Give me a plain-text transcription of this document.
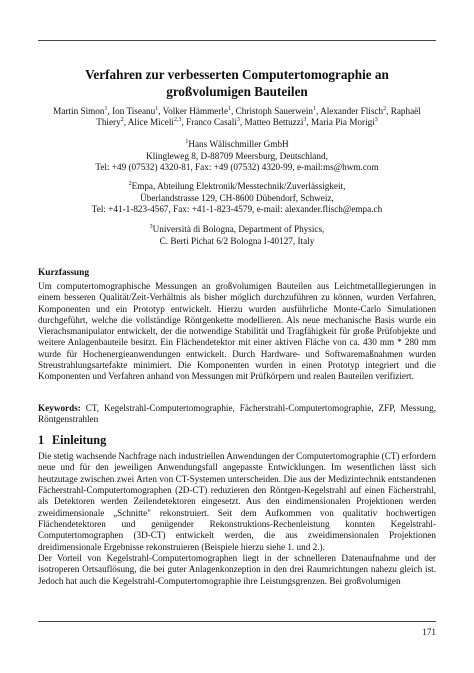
Verfahren zur verbesserten Computertomographie an
großvolumigen Bauteilen
Martin Simon$^1$, Ion Tiseanu$^1$, Volker Hämmerle$^1$, Christoph Sauerwein$^1$, Alexander Flisch$^2$, Raphaël Thiery$^2$, Alice Miceli$^{2,3}$, Franco Casali$^3$, Matteo Bettuzzi$^3$, Maria Pia Morigi$^3$
$^1$Hans Wälischmiller GmbH
Klingleweg 8, D-88709 Meersburg, Deutschland,
Tel: +49 (07532) 4320-81, Fax: +49 (07532) 4320-99, e-mail:ms@hwm.com
$^2$Empa, Abteilung Elektronik/Messtechnik/Zuverlässigkeit,
Überlandstrasse 129, CH-8600 Dübendorf, Schweiz,
Tel: +41-1-823-4567, Fax: +41-1-823-4579, e-mail: alexander.flisch@empa.ch
$^3$Università di Bologna, Department of Physics,
C. Berti Pichat 6/2 Bologna I-40127, Italy
Kurzfassung
Um computertomographische Messungen an großvolumigen Bauteilen aus Leichtmetalllegierungen in einem besseren Qualität/Zeit-Verhältnis als bisher möglich durchzuführen zu können, wurden Verfahren, Komponenten und ein Prototyp entwickelt. Hierzu wurden ausführliche Monte-Carlo Simulationen durchgeführt, welche die vollständige Röntgenkette modellieren. Als neue mechanische Basis wurde ein Vierachsmanipulator entwickelt, der die notwendige Stabilität und Tragfähigkeit für große Prüfobjekte und weitere Anlagenbauteile besitzt. Ein Flächendetektor mit einer aktiven Fläche von ca. 430 mm * 280 mm wurde für Hochenergieanwendungen entwickelt. Durch Hardware- und Softwaremaßnahmen wurden Streustrahlungsartefakte minimiert. Die Komponenten wurden in einen Prototyp integriert und die Komponenten und Verfahren anhand von Messungen mit Prüfkörpern und realen Bauteilen verifiziert.
Keywords: CT, Kegelstrahl-Computertomographie, Fächerstrahl-Computertomographie, ZFP, Messung, Röntgenstrahlen
1 Einleitung

Die stetig wachsende Nachfrage nach industriellen Anwendungen der Computertomographie (CT) erfordern neue und für den jeweiligen Anwendungsfall angepasste Entwicklungen. Im wesentlichen lässt sich heutzutage zwischen zwei Arten von CT-Systemen unterscheiden. Die aus der Medizintechnik entstandenen Fächerstrahl-Computertomographen (2D-CT) reduzieren den Röntgen-Kegelstrahl auf einen Fächerstrahl, als Detektoren werden Zeilendetektoren eingesetzt. Aus den eindimensionalen Projektionen werden zweidimensionale „Schnitte" rekonstruiert. Seit dem Aufkommen von qualitativ hochwertigen Flächendetektoren und genügender Rekonstruktions-Rechenleistung konnten Kegelstrahl-Computertomographen (3D-CT) entwickelt werden, die aus zweidimensionalen Projektionen dreidimensionale Ergebnisse rekonstruieren (Beispiele hierzu siehe 1. und 2.).

Der Vorteil von Kegelstrahl-Computertomographen liegt in der schnelleren Datenaufnahme und der isotroperen Ortsauflösung, die bei guter Anlagenkonzeption in den drei Raumrichtungen nahezu gleich ist. Jedoch hat auch die Kegelstrahl-Computertomographie ihre Leistungsgrenzen. Bei großvolumigen

171
